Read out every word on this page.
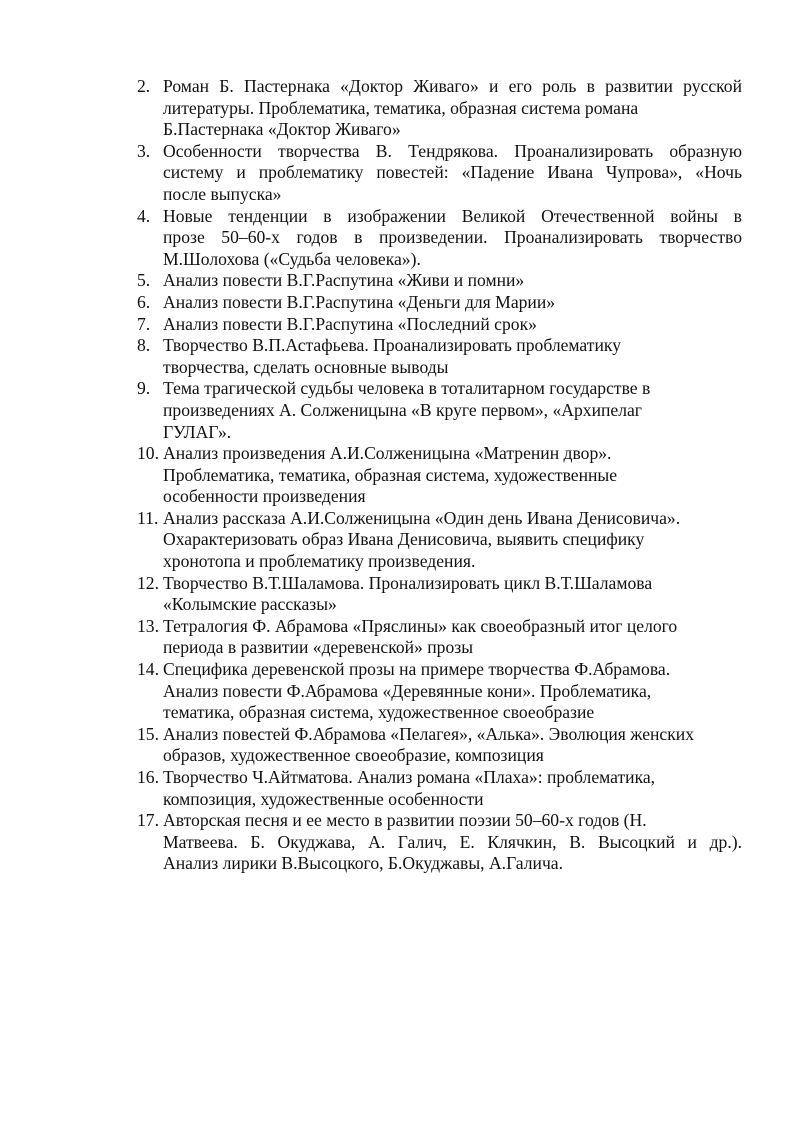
2. Роман Б. Пастернака «Доктор Живаго» и его роль в развитии русской
литературы. Проблематика, тематика, образная система романа
Б.Пастернака «Доктор Живаго»
3. Особенности творчества В. Тендрякова. Проанализировать образную
систему и проблематику повестей: «Падение Ивана Чупрова», «Ночь
после выпуска»
4. Новые тенденции в изображении Великой Отечественной войны в
прозе 50–60-х годов в произведении. Проанализировать творчество
М.Шолохова («Судьба человека»).
5. Анализ повести В.Г.Распутина «Живи и помни»
6. Анализ повести В.Г.Распутина «Деньги для Марии»
7. Анализ повести В.Г.Распутина «Последний срок»
8. Творчество В.П.Астафьева. Проанализировать проблематику
творчества, сделать основные выводы
9. Тема трагической судьбы человека в тоталитарном государстве в
произведениях А. Солженицына «В круге первом», «Архипелаг
ГУЛАГ».
10. Анализ произведения А.И.Солженицына «Матренин двор».
Проблематика, тематика, образная система, художественные
особенности произведения
11. Анализ рассказа А.И.Солженицына «Один день Ивана Денисовича».
Охарактеризовать образ Ивана Денисовича, выявить специфику
хронотопа и проблематику произведения.
12. Творчество В.Т.Шаламова. Пронализировать цикл В.Т.Шаламова
«Колымские рассказы»
13. Тетралогия Ф. Абрамова «Пряслины» как своеобразный итог целого
периода в развитии «деревенской» прозы
14. Специфика деревенской прозы на примере творчества Ф.Абрамова.
Анализ повести Ф.Абрамова «Деревянные кони». Проблематика,
тематика, образная система, художественное своеобразие
15. Анализ повестей Ф.Абрамова «Пелагея», «Алька». Эволюция женских
образов, художественное своеобразие, композиция
16. Творчество Ч.Айтматова. Анализ романа «Плаха»: проблематика,
композиция, художественные особенности
17. Авторская песня и ее место в развитии поэзии 50–60-х годов (Н.
Матвеева. Б. Окуджава, А. Галич, Е. Клячкин, В. Высоцкий и др.).
Анализ лирики В.Высоцкого, Б.Окуджавы, А.Галича.
